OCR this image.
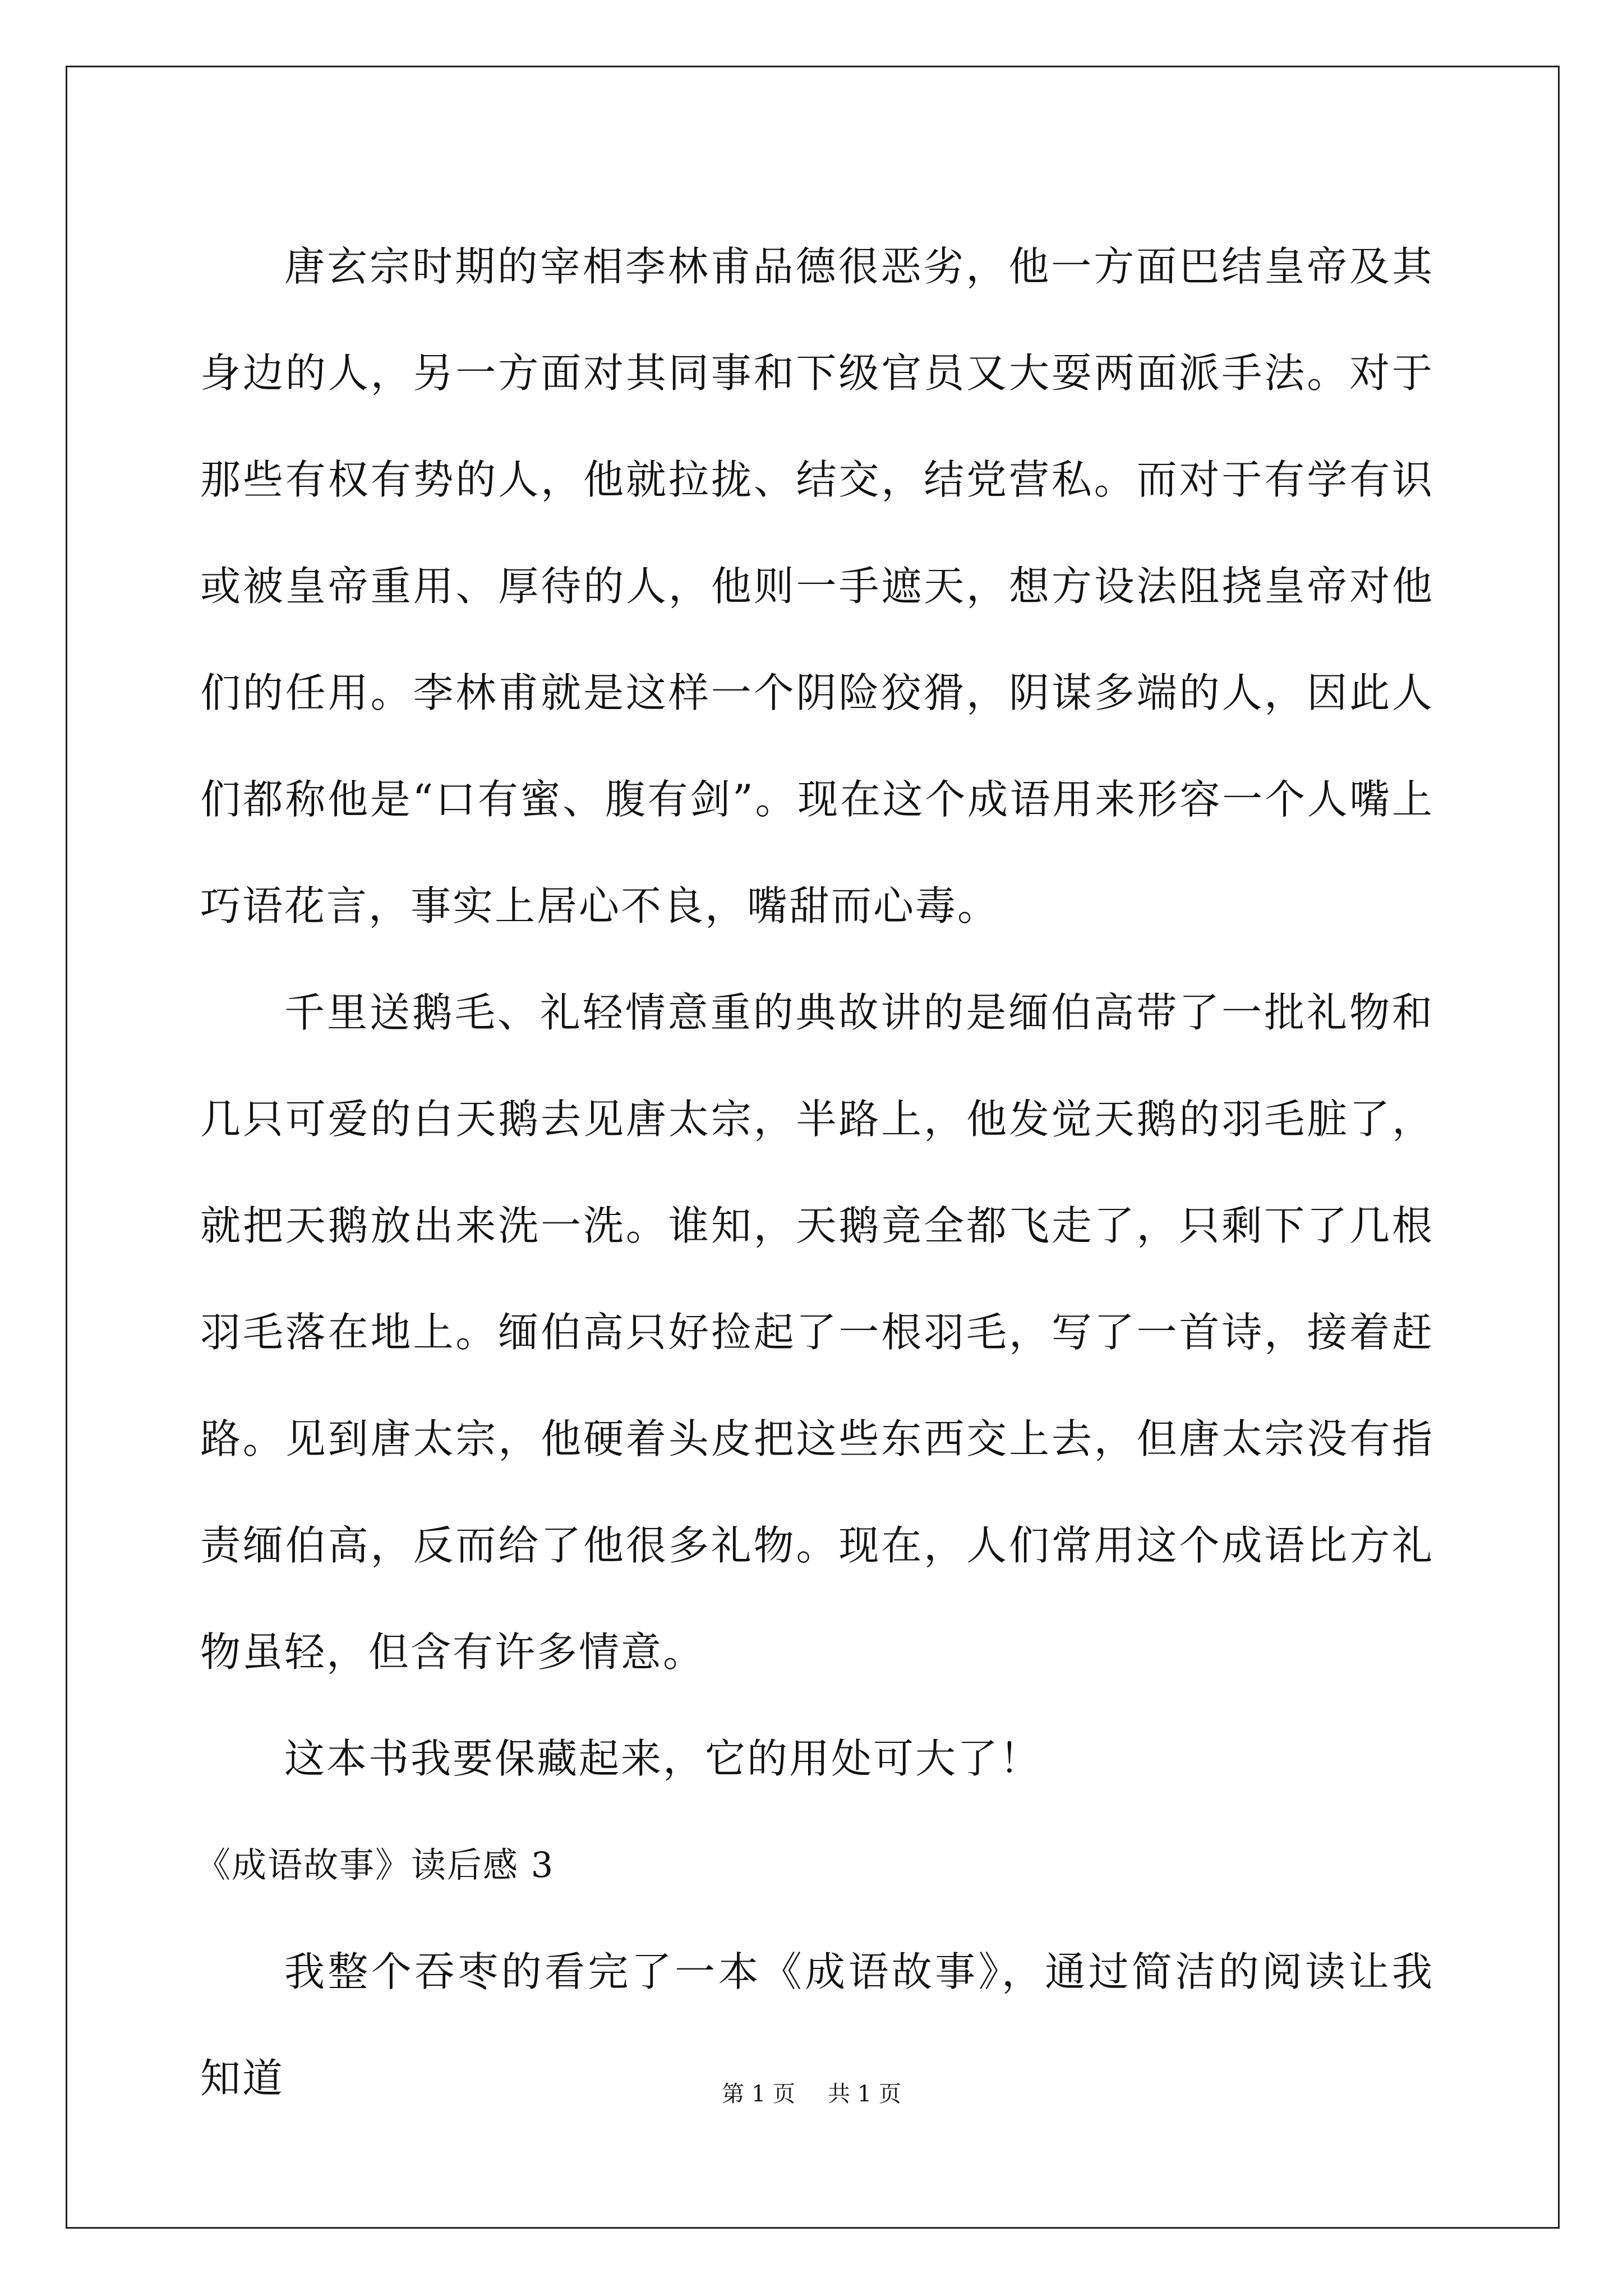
唐玄宗时期的宰相李林甫品德很恶劣，他一方面巴结皇帝及其身边的人，另一方面对其同事和下级官员又大耍两面派手法。对于那些有权有势的人，他就拉拢、结交，结党营私。而对于有学有识或被皇帝重用、厚待的人，他则一手遮天，想方设法阻挠皇帝对他们的任用。李林甫就是这样一个阴险狡猾，阴谋多端的人，因此人们都称他是“口有蜜、腹有剑”。现在这个成语用来形容一个人嘴上巧语花言，事实上居心不良，嘴甜而心毒。

千里送鹅毛、礼轻情意重的典故讲的是缅伯高带了一批礼物和几只可爱的白天鹅去见唐太宗，半路上，他发觉天鹅的羽毛脏了，就把天鹅放出来洗一洗。谁知，天鹅竟全都飞走了，只剩下了几根羽毛落在地上。缅伯高只好捡起了一根羽毛，写了一首诗，接着赶路。见到唐太宗，他硬着头皮把这些东西交上去，但唐太宗没有指责缅伯高，反而给了他很多礼物。现在，人们常用这个成语比方礼物虽轻，但含有许多情意。

这本书我要保藏起来，它的用处可大了！

《成语故事》读后感 3

我整个吞枣的看完了一本《成语故事》，通过简洁的阅读让我知道	第 1 页 共 1 页
